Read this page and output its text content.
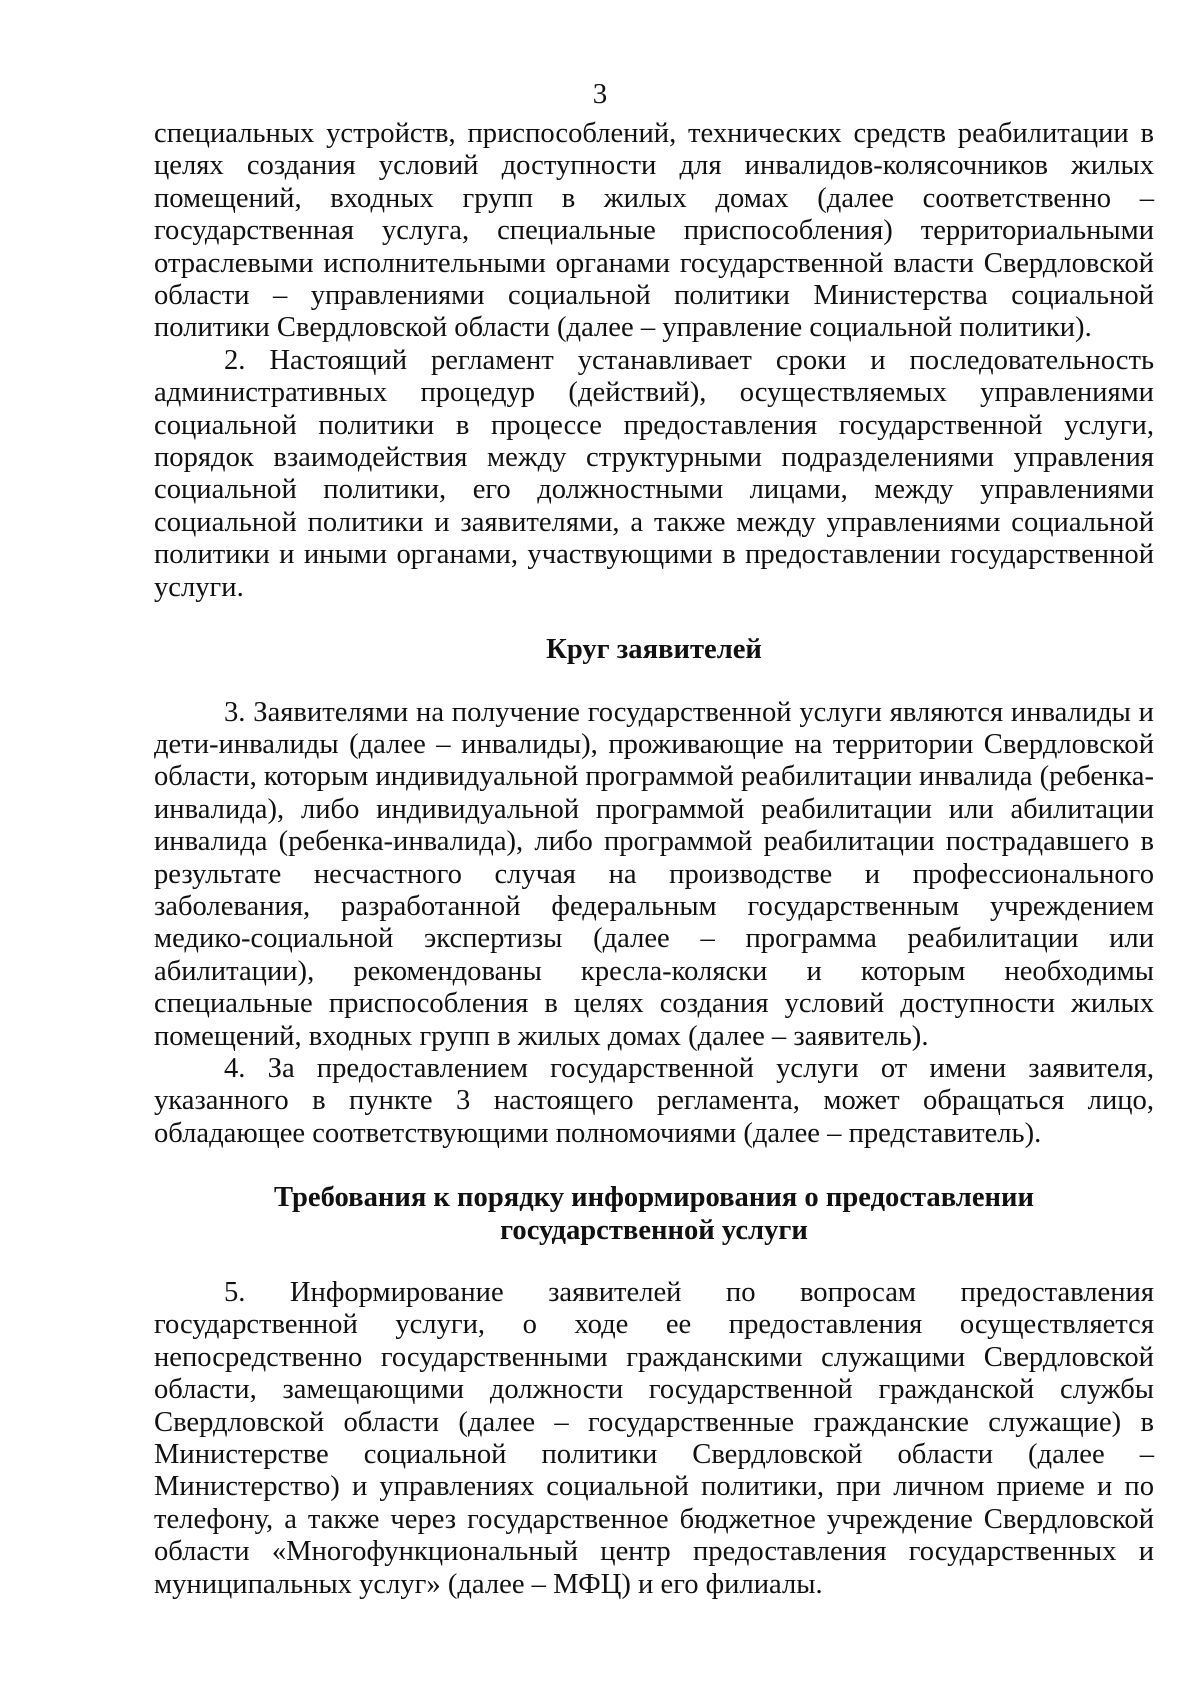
3

специальных устройств, приспособлений, технических средств реабилитации в целях создания условий доступности для инвалидов-колясочников жилых помещений, входных групп в жилых домах (далее соответственно – государственная услуга, специальные приспособления) территориальными отраслевыми исполнительными органами государственной власти Свердловской области – управлениями социальной политики Министерства социальной политики Свердловской области (далее – управление социальной политики).

2. Настоящий регламент устанавливает сроки и последовательность административных процедур (действий), осуществляемых управлениями социальной политики в процессе предоставления государственной услуги, порядок взаимодействия между структурными подразделениями управления социальной политики, его должностными лицами, между управлениями социальной политики и заявителями, а также между управлениями социальной политики и иными органами, участвующими в предоставлении государственной услуги.

Круг заявителей

3. Заявителями на получение государственной услуги являются инвалиды и дети-инвалиды (далее – инвалиды), проживающие на территории Свердловской области, которым индивидуальной программой реабилитации инвалида (ребенка-инвалида), либо индивидуальной программой реабилитации или абилитации инвалида (ребенка-инвалида), либо программой реабилитации пострадавшего в результате несчастного случая на производстве и профессионального заболевания, разработанной федеральным государственным учреждением медико-социальной экспертизы (далее – программа реабилитации или абилитации), рекомендованы кресла-коляски и которым необходимы специальные приспособления в целях создания условий доступности жилых помещений, входных групп в жилых домах (далее – заявитель).

4. За предоставлением государственной услуги от имени заявителя, указанного в пункте 3 настоящего регламента, может обращаться лицо, обладающее соответствующими полномочиями (далее – представитель).

Требования к порядку информирования о предоставлении
государственной услуги

5. Информирование заявителей по вопросам предоставления государственной услуги, о ходе ее предоставления осуществляется непосредственно государственными гражданскими служащими Свердловской области, замещающими должности государственной гражданской службы Свердловской области (далее – государственные гражданские служащие) в Министерстве социальной политики Свердловской области (далее – Министерство) и управлениях социальной политики, при личном приеме и по телефону, а также через государственное бюджетное учреждение Свердловской области «Многофункциональный центр предоставления государственных и муниципальных услуг» (далее – МФЦ) и его филиалы.
